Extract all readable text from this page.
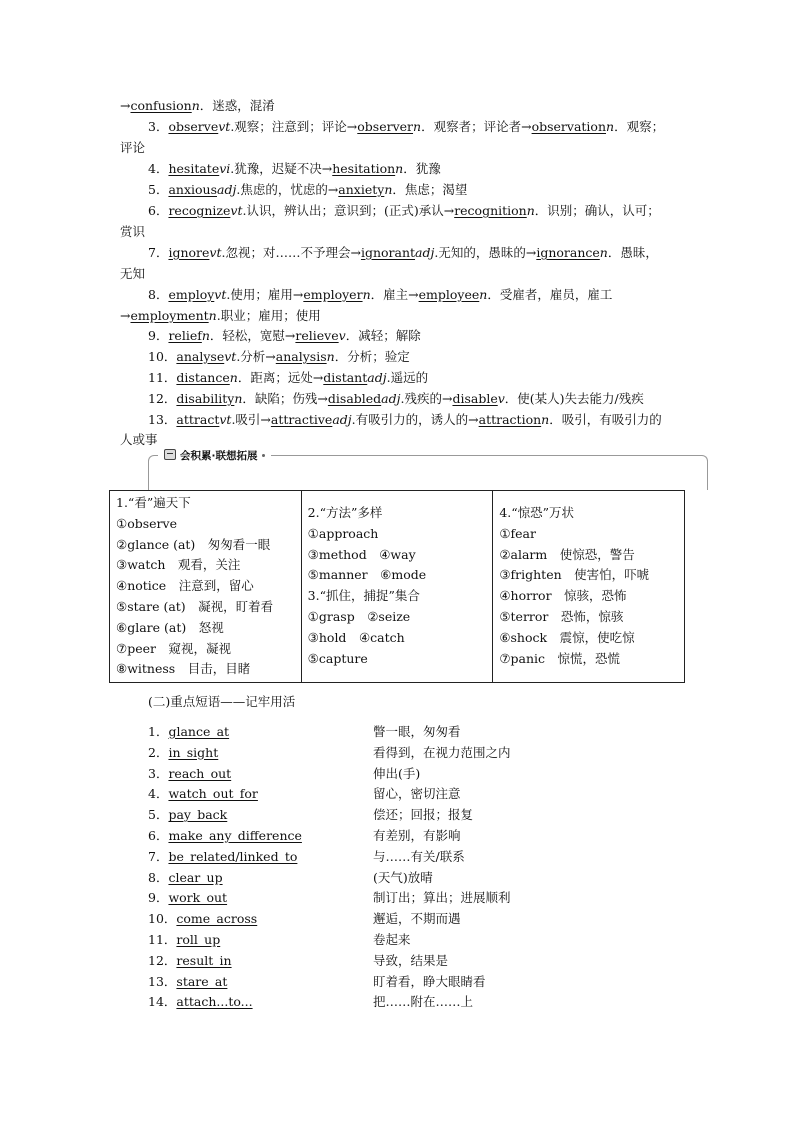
→confusionn．迷惑，混淆
3．observevt.观察；注意到；评论→observern．观察者；评论者→observationn．观察；
评论
4．hesitatevi.犹豫，迟疑不决→hesitationn．犹豫
5．anxiousadj.焦虑的，忧虑的→anxietyn．焦虑；渴望
6．recognizevt.认识，辨认出；意识到；(正式)承认→recognitionn．识别；确认，认可；
赏识
7．ignorevt.忽视；对……不予理会→ignorantadj.无知的，愚昧的→ignorancen．愚昧，
无知
8．employvt.使用；雇用→employern．雇主→employeen．受雇者，雇员，雇工
→employmentn.职业；雇用；使用
9．reliefn．轻松，宽慰→relievev．减轻；解除
10．analysevt.分析→analysisn．分析；验定
11．distancen．距离；远处→distantadj.遥远的
12．disabilityn．缺陷；伤残→disabledadj.残疾的→disablev．使(某人)失去能力/残疾
13．attractvt.吸引→attractiveadj.有吸引力的，诱人的→attractionn．吸引，有吸引力的
人或事
会积累·联想拓展
1.“看”遍天下
①observe
②glance (at)　匆匆看一眼
③watch　观看，关注
④notice　注意到，留心
⑤stare (at)　凝视，盯着看
⑥glare (at)　怒视
⑦peer　窥视，凝视
⑧witness　目击，目睹

2.“方法”多样
①approach
③method　④way
⑤manner　⑥mode
3.“抓住，捕捉”集合
①grasp　②seize
③hold　④catch
⑤capture

4.“惊恐”万状
①fear
②alarm　使惊恐，警告
③frighten　使害怕，吓唬
④horror　惊骇，恐怖
⑤terror　恐怖，惊骇
⑥shock　震惊，使吃惊
⑦panic　惊慌，恐慌
(二)重点短语——记牢用活
1．glance_at	瞥一眼，匆匆看
2．in_sight	看得到，在视力范围之内
3．reach_out	伸出(手)
4．watch_out_for	留心，密切注意
5．pay_back	偿还；回报；报复
6．make_any_difference	有差别，有影响
7．be_related/linked_to	与……有关/联系
8．clear_up	(天气)放晴
9．work_out	制订出；算出；进展顺利
10．come_across	邂逅，不期而遇
11．roll_up	卷起来
12．result_in	导致，结果是
13．stare_at	盯着看，睁大眼睛看
14．attach...to...	把……附在……上
